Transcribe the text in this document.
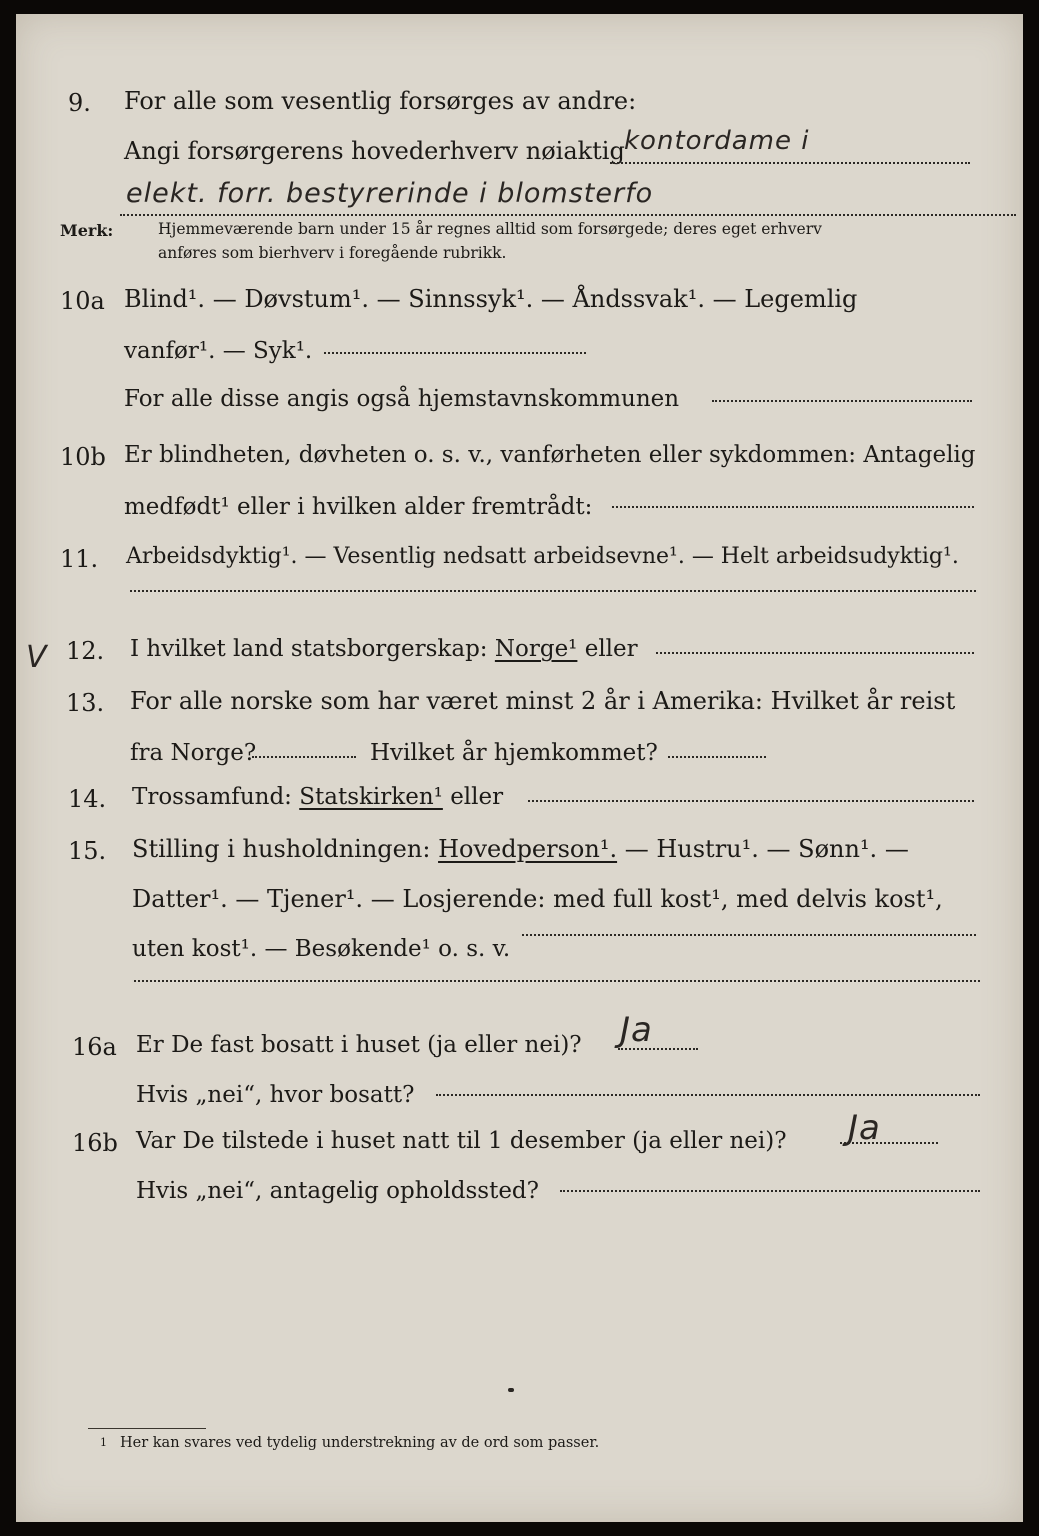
9. For alle som vesentlig forsørges av andre:
Angi forsørgerens hovederhverv nøiaktig kontordame i
elekt. forr. bestyrerinde i blomsterfo
Merk:	Hjemmeværende barn under 15 år regnes alltid som forsørgede; deres eget erhverv
anføres som bierhverv i foregående rubrikk.
10a Blind¹. — Døvstum¹. — Sinnssyk¹. — Åndssvak¹. — Legemlig
vanfør¹. — Syk¹.
For alle disse angis også hjemstavnskommunen
10b Er blindheten, døvheten o. s. v., vanførheten eller sykdommen: Antagelig
medfødt¹ eller i hvilken alder fremtrådt:
11. Arbeidsdyktig¹. — Vesentlig nedsatt arbeidsevne¹. — Helt arbeidsudyktig¹.
V 12. I hvilket land statsborgerskap: Norge¹ eller
13. For alle norske som har været minst 2 år i Amerika: Hvilket år reist
fra Norge?	Hvilket år hjemkommet?
14. Trossamfund: Statskirken¹ eller
15. Stilling i husholdningen: Hovedperson¹. — Hustru¹. — Sønn¹. —
Datter¹. — Tjener¹. — Losjerende: med full kost¹, med delvis kost¹,
uten kost¹. — Besøkende¹ o. s. v.
16a Er De fast bosatt i huset (ja eller nei)? Ja
Hvis „nei“, hvor bosatt?
16b Var De tilstede i huset natt til 1 desember (ja eller nei)? Ja
Hvis „nei“, antagelig opholdssted?
1 Her kan svares ved tydelig understrekning av de ord som passer.
